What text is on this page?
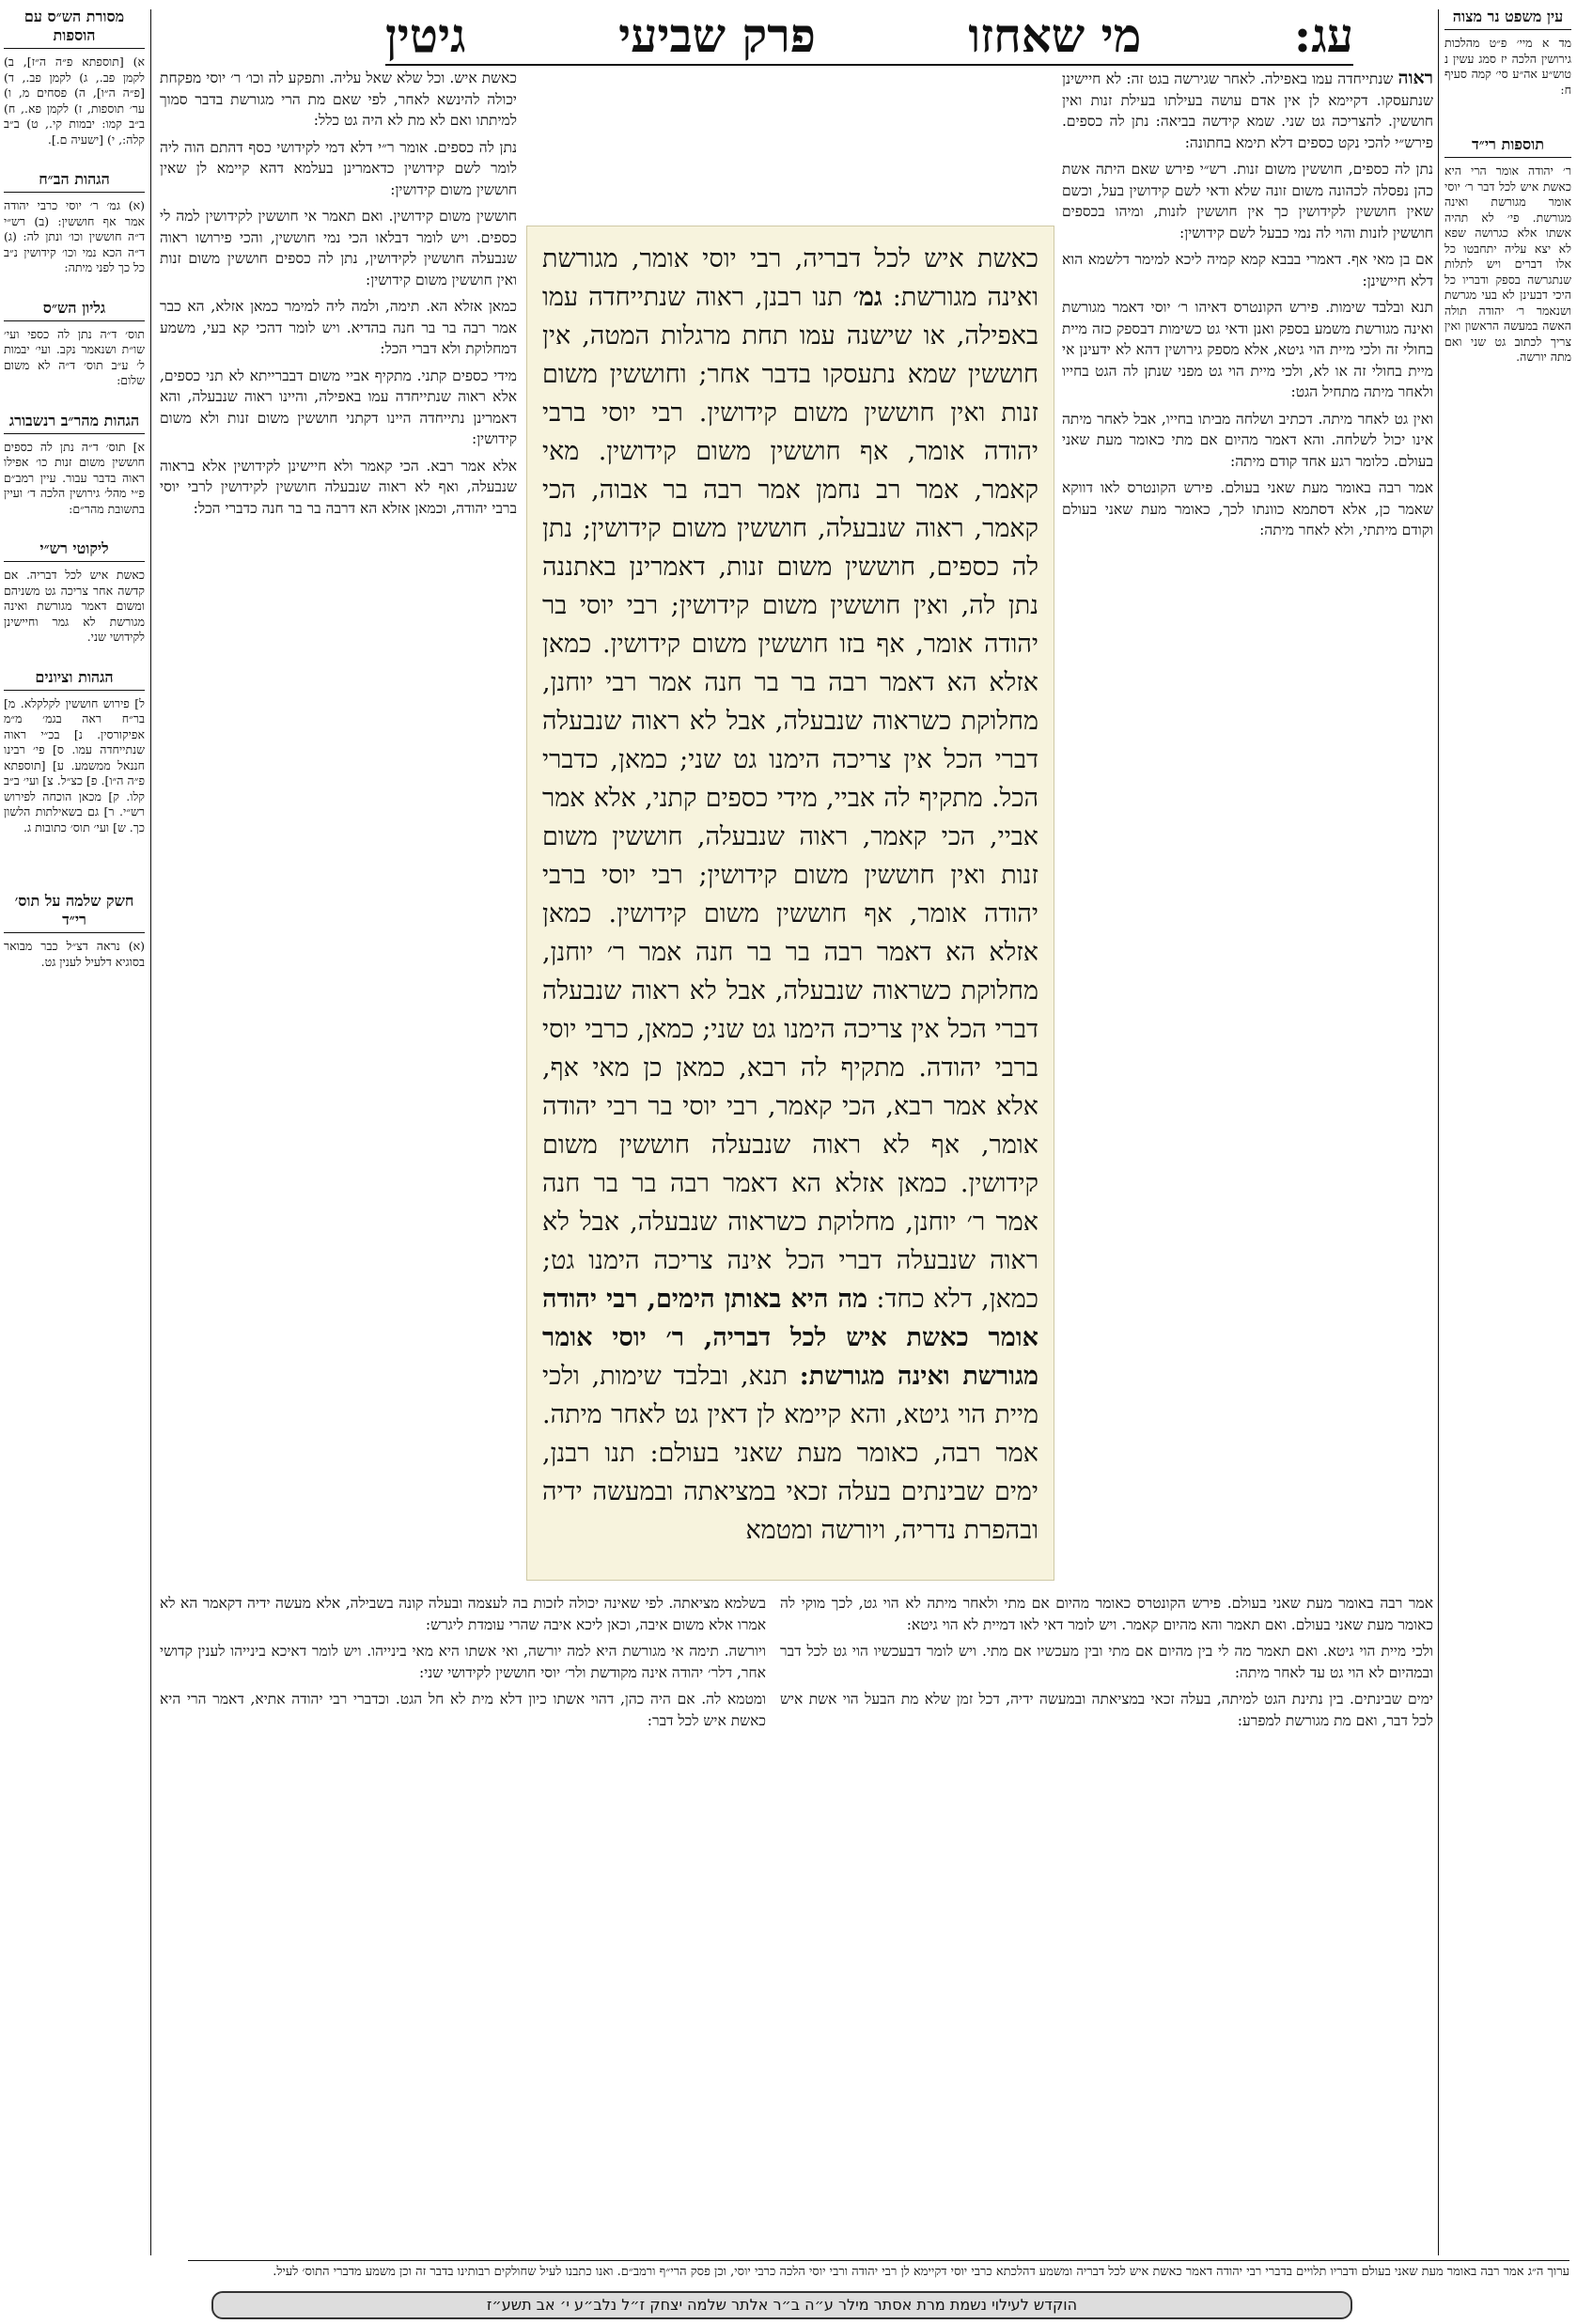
עג:
מי שאחזו
פרק שביעי
גיטין	עין משפט נר מצוה

מד א מיי׳ פ״ט מהלכות גירושין הלכה יז סמג עשין נ טוש״ע אה״ע סי׳ קמה סעיף ח:

תוספות רי״ד

ר׳ יהודה אומר הרי היא כאשת איש לכל דבר ר׳ יוסי אומר מגורשת ואינה מגורשת. פי׳ לא תהיה אשתו אלא כגרושה שפא לא יצא עליה יתחבטו כל אלו דברים ויש לתלות שנתגרשה בספק ודבריו כל היכי דבעינן לא בעי מגרשת ושנאמר ר׳ יהודה תולה האשה במעשה הראשון ואין צריך לכתוב גט שני ואם מתה יורשה.

מסורת הש״ס עם הוספות

א) [תוספתא פ״ה ה״ז], ב) לקמן פב., ג) לקמן פב., ד) [פ״ה ה״ו], ה) פסחים מ, ו) ער׳ תוספות, ז) לקמן פא., ח) ב״ב קמו: יבמות קי., ט) ב״ב קלה:, י) [ישעיה ם.].

הגהות הב״ח

(א) גמ׳ ר׳ יוסי כרבי יהודה אמר אף חוששין: (ב) רש״י ד״ה חוששין וכו׳ ונתן לה: (ג) ד״ה הכא נמי וכו׳ קידושין נ״ב כל כך לפני מיתה:

גליון הש״ס

תוס׳ ד״ה נתן לה כספי ועי׳ שו״ת ושנאמר נקב. ועי׳ יבמות ל׳ ע״ב תוס׳ ד״ה לא משום שלום:

הגהות מהר״ב רנשבורג

א] תוס׳ ד״ה נתן לה כספים חוששין משום זנות כו׳ אפילו ראוה בדבר עבור. עיין רמב״ם פ״י מהל׳ גירושין הלכה ד׳ ועיין בתשובת מהר״ם:

ליקוטי רש״י

כאשת איש לכל דבריה. אם קדשה אחר צריכה גט משניהם ומשום דאמר מגורשת ואינה מגורשת לא גמר וחיישינן לקידושי שני.

הגהות וציונים

ל] פירוש חוששין לקלקלא. מ] בר״ח ראה בגמ׳ מ״מ אפיקורסין. נ] בכ״י ראוה שנתייחדה עמו. ס] פי׳ רבינו חננאל ממשמע. ע] [תוספתא פ״ה ה״ו]. פ] כצ״ל. צ] ועי׳ ב״ב קלו. ק] מכאן הוכחה לפירוש רש״י. ר] גם בשאילתות הלשון כך. ש] ועי׳ תוס׳ כתובות ג.

חשק שלמה על תוס׳ רי״ד

(א) נראה דצ״ל כבר מבואר בסוגיא דלעיל לענין גט.

ראוה שנתייחדה עמו באפילה. לאחר שגירשה בגט זה: לא חיישינן שנתעסקו. דקיימא לן אין אדם עושה בעילתו בעילת זנות ואין חוששין. להצריכה גט שני. שמא קידשה בביאה: נתן לה כספים. פירש״י להכי נקט כספים דלא תימא בחתונה:

נתן לה כספים, חוששין משום זנות. רש״י פירש שאם היתה אשת כהן נפסלה לכהונה משום זונה שלא ודאי לשם קידושין בעל, וכשם שאין חוששין לקידושין כך אין חוששין לזנות, ומיהו בכספים חוששין לזנות והוי לה נמי כבעל לשם קידושין:

אם בן מאי אף. דאמרי בבבא קמא קמיה ליכא למימר דלשמא הוא דלא חיישינן:

תנא ובלבד שימות. פירש הקונטרס דאיהו ר׳ יוסי דאמר מגורשת ואינה מגורשת משמע בספק ואנן ודאי גט כשימות דבספק כזה מיית בחולי זה ולכי מיית הוי גיטא, אלא מספק גירושין דהא לא ידעינן אי מיית בחולי זה או לא, ולכי מיית הוי גט מפני שנתן לה הגט בחייו ולאחר מיתה מתחיל הגט:

ואין גט לאחר מיתה. דכתיב ושלחה מביתו בחייו, אבל לאחר מיתה אינו יכול לשלחה. והא דאמר מהיום אם מתי כאומר מעת שאני בעולם. כלומר רגע אחד קודם מיתה:

אמר רבה באומר מעת שאני בעולם. פירש הקונטרס לאו דווקא שאמר כן, אלא דסתמא כוונתו לכך, כאומר מעת שאני בעולם וקודם מיתתי, ולא לאחר מיתה:

כאשת איש. וכל שלא שאל עליה. ותפקע לה וכו׳ ר׳ יוסי מפקחת יכולה להינשא לאחר, לפי שאם מת הרי מגורשת בדבר סמוך למיתתו ואם לא מת לא היה גט כלל:

נתן לה כספים. אומר ר״י דלא דמי לקידושי כסף דהתם הוה ליה לומר לשם קידושין כדאמרינן בעלמא דהא קיימא לן שאין חוששין משום קידושין:

חוששין משום קידושין. ואם תאמר אי חוששין לקידושין למה לי כספים. ויש לומר דבלאו הכי נמי חוששין, והכי פירושו ראוה שנבעלה חוששין לקידושין, נתן לה כספים חוששין משום זנות ואין חוששין משום קידושין:

כמאן אזלא הא. תימה, ולמה ליה למימר כמאן אזלא, הא כבר אמר רבה בר בר חנה בהדיא. ויש לומר דהכי קא בעי, משמע דמחלוקת ולא דברי הכל:

מידי כספים קתני. מתקיף אביי משום דבברייתא לא תני כספים, אלא ראוה שנתייחדה עמו באפילה, והיינו ראוה שנבעלה, והא דאמרינן נתייחדה היינו דקתני חוששין משום זנות ולא משום קידושין:

אלא אמר רבא. הכי קאמר ולא חיישינן לקידושין אלא בראוה שנבעלה, ואף לא ראוה שנבעלה חוששין לקידושין לרבי יוסי ברבי יהודה, וכמאן אזלא הא דרבה בר בר חנה כדברי הכל:

כאשת איש לכל דבריה, רבי יוסי אומר, מגורשת ואינה מגורשת: גמ׳ תנו רבנן, ראוה שנתייחדה עמו באפילה, או שישנה עמו תחת מרגלות המטה, אין חוששין שמא נתעסקו בדבר אחר; וחוששין משום זנות ואין חוששין משום קידושין. רבי יוסי ברבי יהודה אומר, אף חוששין משום קידושין. מאי קאמר, אמר רב נחמן אמר רבה בר אבוה, הכי קאמר, ראוה שנבעלה, חוששין משום קידושין; נתן לה כספים, חוששין משום זנות, דאמרינן באתננה נתן לה, ואין חוששין משום קידושין; רבי יוסי בר יהודה אומר, אף בזו חוששין משום קידושין. כמאן אזלא הא דאמר רבה בר בר חנה אמר רבי יוחנן, מחלוקת כשראוה שנבעלה, אבל לא ראוה שנבעלה דברי הכל אין צריכה הימנו גט שני; כמאן, כדברי הכל. מתקיף לה אביי, מידי כספים קתני, אלא אמר אביי, הכי קאמר, ראוה שנבעלה, חוששין משום זנות ואין חוששין משום קידושין; רבי יוסי ברבי יהודה אומר, אף חוששין משום קידושין. כמאן אזלא הא דאמר רבה בר בר חנה אמר ר׳ יוחנן, מחלוקת כשראוה שנבעלה, אבל לא ראוה שנבעלה דברי הכל אין צריכה הימנו גט שני; כמאן, כרבי יוסי ברבי יהודה. מתקיף לה רבא, כמאן כן מאי אף, אלא אמר רבא, הכי קאמר, רבי יוסי בר רבי יהודה אומר, אף לא ראוה שנבעלה חוששין משום קידושין. כמאן אזלא הא דאמר רבה בר בר חנה אמר ר׳ יוחנן, מחלוקת כשראוה שנבעלה, אבל לא ראוה שנבעלה דברי הכל אינה צריכה הימנו גט; כמאן, דלא כחד: מה היא באותן הימים, רבי יהודה אומר כאשת איש לכל דבריה, ר׳ יוסי אומר מגורשת ואינה מגורשת: תנא, ובלבד שימות, ולכי מיית הוי גיטא, והא קיימא לן דאין גט לאחר מיתה. אמר רבה, כאומר מעת שאני בעולם: תנו רבנן, ימים שבינתים בעלה זכאי במציאתה ובמעשה ידיה ובהפרת נדריה, ויורשה ומטמא

אמר רבה באומר מעת שאני בעולם. פירש הקונטרס כאומר מהיום אם מתי ולאחר מיתה לא הוי גט, לכך מוקי לה כאומר מעת שאני בעולם. ואם תאמר והא מהיום קאמר. ויש לומר דאי לאו דמיית לא הוי גיטא:

ולכי מיית הוי גיטא. ואם תאמר מה לי בין מהיום אם מתי ובין מעכשיו אם מתי. ויש לומר דבעכשיו הוי גט לכל דבר ובמהיום לא הוי גט עד לאחר מיתה:

ימים שבינתים. בין נתינת הגט למיתה, בעלה זכאי במציאתה ובמעשה ידיה, דכל זמן שלא מת הבעל הוי אשת איש לכל דבר, ואם מת מגורשת למפרע:

בשלמא מציאתה. לפי שאינה יכולה לזכות בה לעצמה ובעלה קונה בשבילה, אלא מעשה ידיה דקאמר הא לא אמרו אלא משום איבה, וכאן ליכא איבה שהרי עומדת ליגרש:

ויורשה. תימה אי מגורשת היא למה יורשה, ואי אשתו היא מאי בינייהו. ויש לומר דאיכא בינייהו לענין קדושי אחר, דלר׳ יהודה אינה מקודשת ולר׳ יוסי חוששין לקידושי שני:

ומטמא לה. אם היה כהן, דהוי אשתו כיון דלא מית לא חל הגט. וכדברי רבי יהודה אתיא, דאמר הרי היא כאשת איש לכל דבר:

ערוך ה״ג אמר רבה באומר מעת שאני בעולם ודבריו תלויים בדברי רבי יהודה דאמר כאשת איש לכל דבריה ומשמע דהלכתא כרבי יוסי דקיימא לן רבי יהודה ורבי יוסי הלכה כרבי יוסי, וכן פסק הרי״ף ורמב״ם. ואנו כתבנו לעיל שחולקים רבותינו בדבר זה וכן משמע מדברי התוס׳ לעיל.
הוקדש לעילוי נשמת מרת אסתר מילר ע״ה ב״ר אלתר שלמה יצחק ז״ל נלב״ע י׳ אב תשע״ז
